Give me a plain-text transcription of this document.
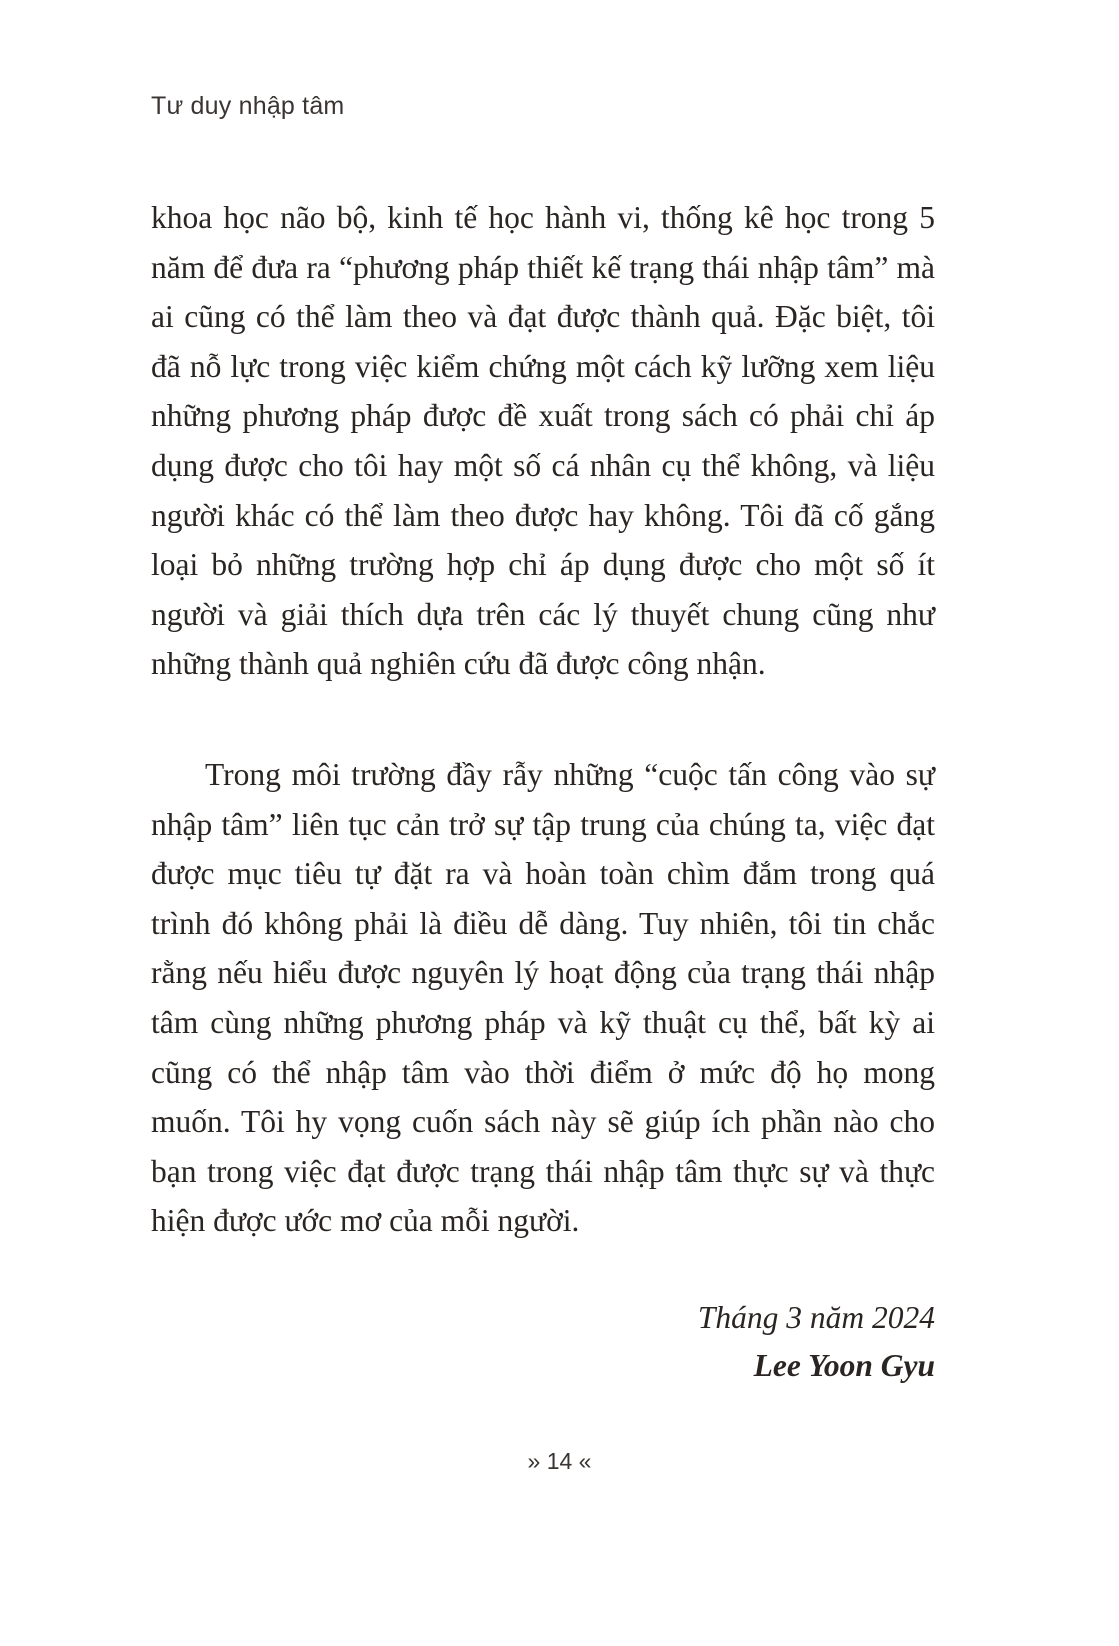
Tư duy nhập tâm

khoa học não bộ, kinh tế học hành vi, thống kê học trong 5 năm để đưa ra “phương pháp thiết kế trạng thái nhập tâm” mà ai cũng có thể làm theo và đạt được thành quả. Đặc biệt, tôi đã nỗ lực trong việc kiểm chứng một cách kỹ lưỡng xem liệu những phương pháp được đề xuất trong sách có phải chỉ áp dụng được cho tôi hay một số cá nhân cụ thể không, và liệu người khác có thể làm theo được hay không. Tôi đã cố gắng loại bỏ những trường hợp chỉ áp dụng được cho một số ít người và giải thích dựa trên các lý thuyết chung cũng như những thành quả nghiên cứu đã được công nhận.

Trong môi trường đầy rẫy những “cuộc tấn công vào sự nhập tâm” liên tục cản trở sự tập trung của chúng ta, việc đạt được mục tiêu tự đặt ra và hoàn toàn chìm đắm trong quá trình đó không phải là điều dễ dàng. Tuy nhiên, tôi tin chắc rằng nếu hiểu được nguyên lý hoạt động của trạng thái nhập tâm cùng những phương pháp và kỹ thuật cụ thể, bất kỳ ai cũng có thể nhập tâm vào thời điểm ở mức độ họ mong muốn. Tôi hy vọng cuốn sách này sẽ giúp ích phần nào cho bạn trong việc đạt được trạng thái nhập tâm thực sự và thực hiện được ước mơ của mỗi người.

Tháng 3 năm 2024
Lee Yoon Gyu
» 14 «
